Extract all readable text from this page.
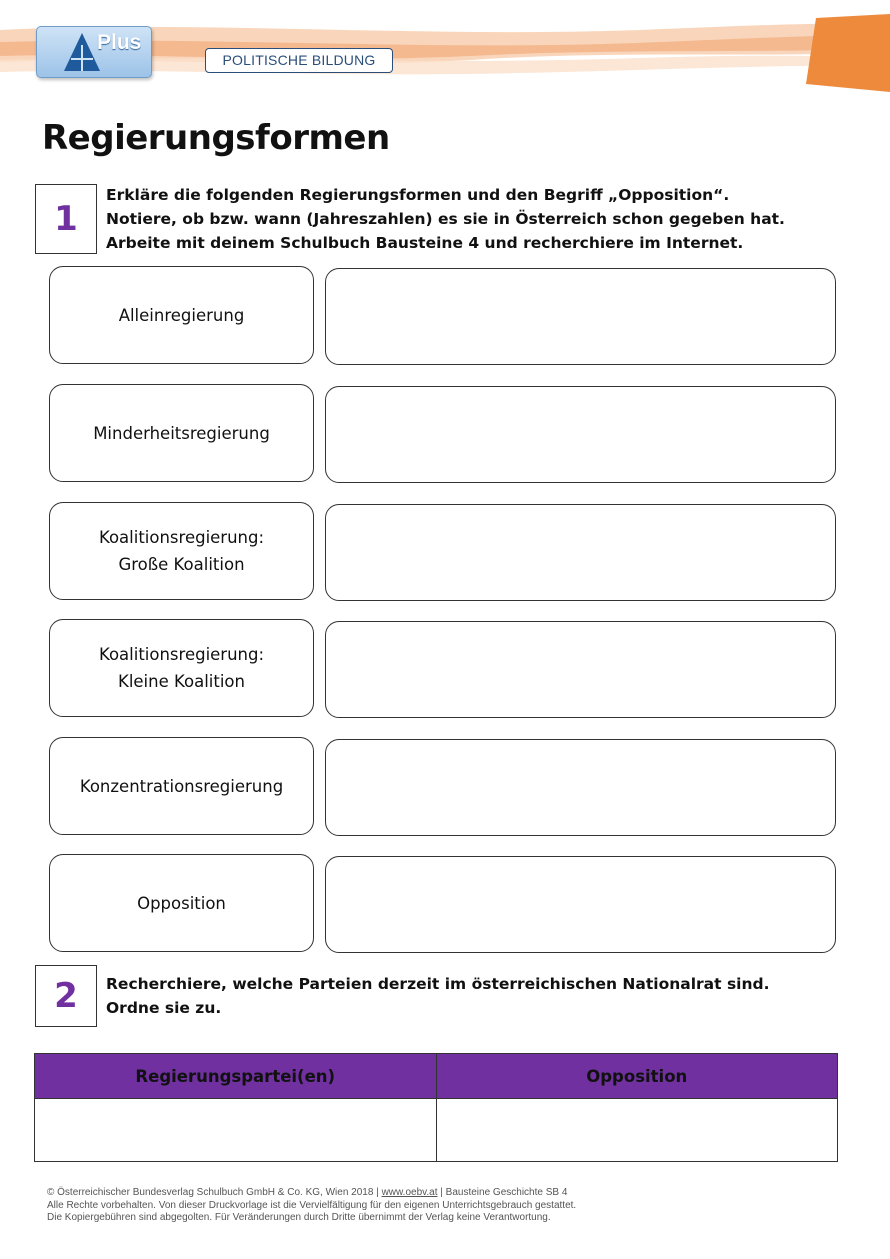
Plus
POLITISCHE BILDUNG
Regierungsformen
1
Erkläre die folgenden Regierungsformen und den Begriff „Opposition“.
Notiere, ob bzw. wann (Jahreszahlen) es sie in Österreich schon gegeben hat.
Arbeite mit deinem Schulbuch Bausteine 4 und recherchiere im Internet.
Alleinregierung
Minderheitsregierung
Koalitionsregierung:
Große Koalition
Koalitionsregierung:
Kleine Koalition
Konzentrationsregierung
Opposition
2	Recherchiere, welche Parteien derzeit im österreichischen Nationalrat sind.
Ordne sie zu.
Regierungspartei(en)	Opposition

© Österreichischer Bundesverlag Schulbuch GmbH & Co. KG, Wien 2018 | www.oebv.at | Bausteine Geschichte SB 4
Alle Rechte vorbehalten. Von dieser Druckvorlage ist die Vervielfältigung für den eigenen Unterrichtsgebrauch gestattet.
Die Kopiergebühren sind abgegolten. Für Veränderungen durch Dritte übernimmt der Verlag keine Verantwortung.
